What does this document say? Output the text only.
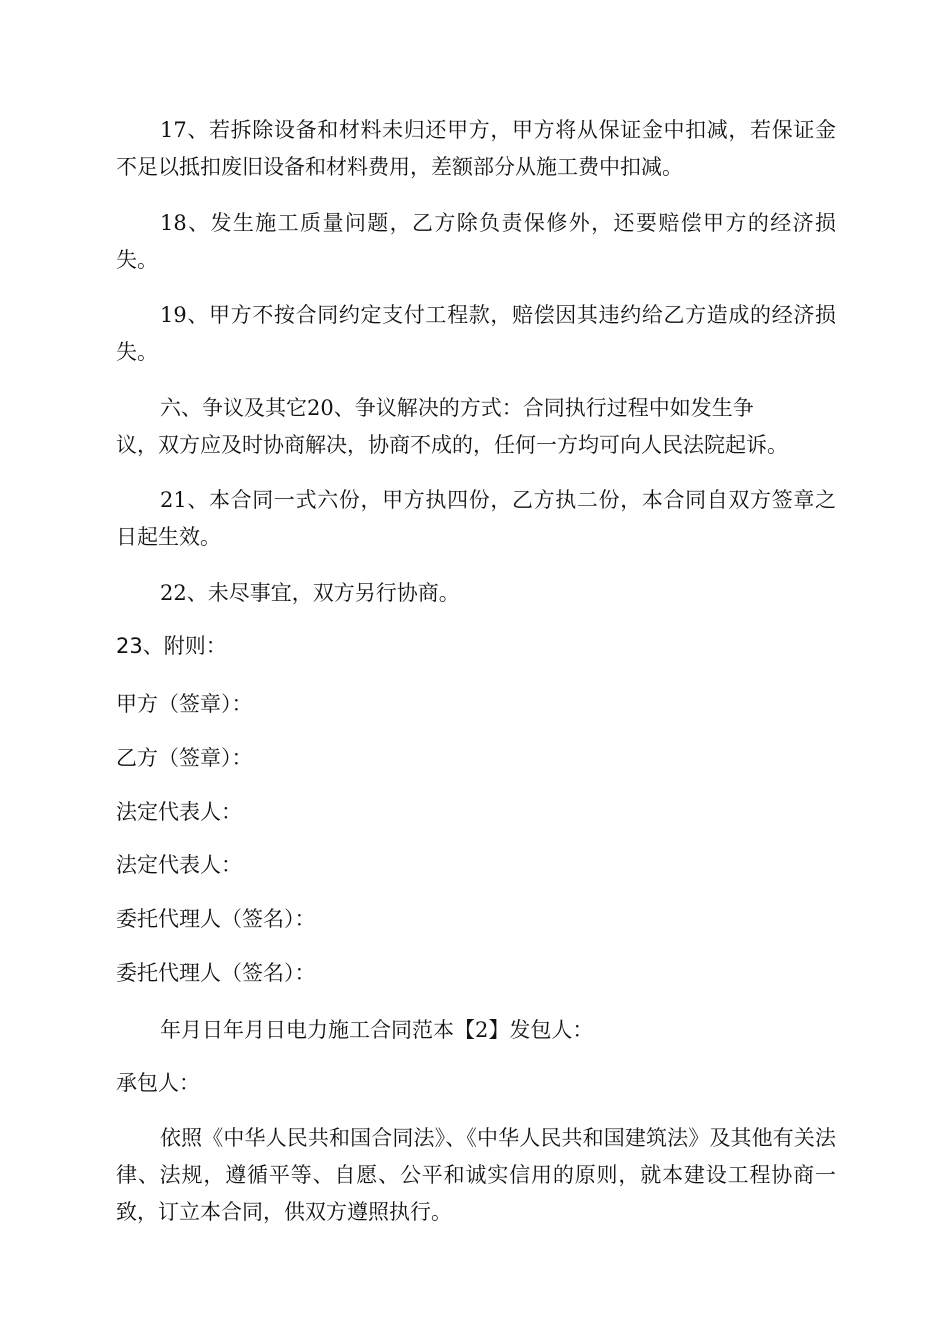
17、若拆除设备和材料未归还甲方，甲方将从保证金中扣减，若保证金不足以抵扣废旧设备和材料费用，差额部分从施工费中扣减。

18、发生施工质量问题，乙方除负责保修外，还要赔偿甲方的经济损失。

19、甲方不按合同约定支付工程款，赔偿因其违约给乙方造成的经济损失。

六、争议及其它20、争议解决的方式：合同执行过程中如发生争

议，双方应及时协商解决，协商不成的，任何一方均可向人民法院起诉。

21、本合同一式六份，甲方执四份，乙方执二份，本合同自双方签章之日起生效。

22、未尽事宜，双方另行协商。

23、附则：

甲方（签章）：

乙方（签章）：

法定代表人：

法定代表人：

委托代理人（签名）：

委托代理人（签名）：

年月日年月日电力施工合同范本【2】发包人：

承包人：

依照《中华人民共和国合同法》、《中华人民共和国建筑法》及其他有关法律、法规，遵循平等、自愿、公平和诚实信用的原则，就本建设工程协商一致，订立本合同，供双方遵照执行。
